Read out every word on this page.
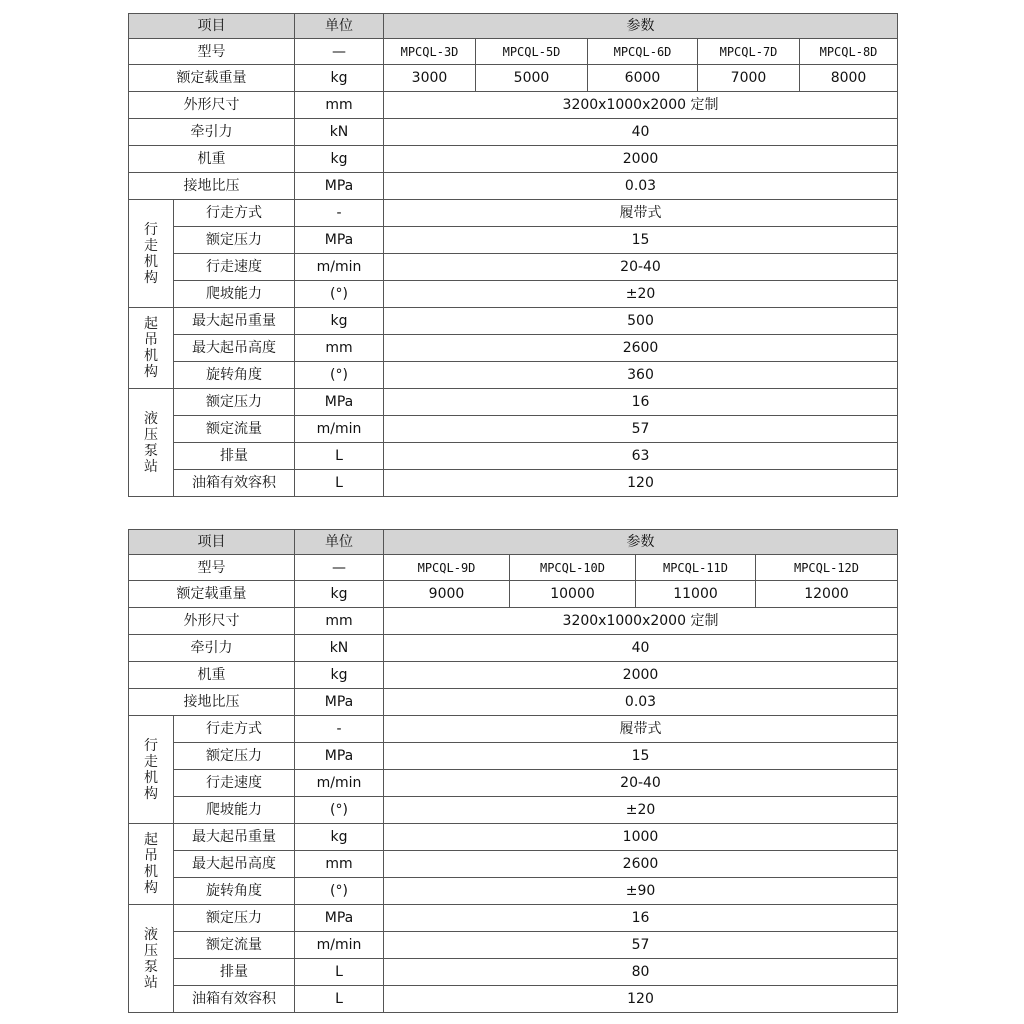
项目		单位	参数				
型号		—	MPCQL-3D	MPCQL-5D	MPCQL-6D	MPCQL-7D	MPCQL-8D
额定载重量		kg	3000	5000	6000	7000	8000
外形尺寸		mm	3200x1000x2000 定制				
牵引力		kN	40				
机重		kg	2000				
接地比压		MPa	0.03				
行走机构	行走方式	-	履带式				
	额定压力	MPa	15				
	行走速度	m/min	20-40				
	爬坡能力	(°)	±20				
起吊机构	最大起吊重量	kg	500				
	最大起吊高度	mm	2600				
	旋转角度	(°)	360				
液压泵站	额定压力	MPa	16				
	额定流量	m/min	57				
	排量	L	63				
	油箱有效容积	L	120				
项目		单位	参数			
型号		—	MPCQL-9D	MPCQL-10D	MPCQL-11D	MPCQL-12D
额定载重量		kg	9000	10000	11000	12000
外形尺寸		mm	3200x1000x2000 定制			
牵引力		kN	40			
机重		kg	2000			
接地比压		MPa	0.03			
行走机构	行走方式	-	履带式			
	额定压力	MPa	15			
	行走速度	m/min	20-40			
	爬坡能力	(°)	±20			
起吊机构	最大起吊重量	kg	1000			
	最大起吊高度	mm	2600			
	旋转角度	(°)	±90			
液压泵站	额定压力	MPa	16			
	额定流量	m/min	57			
	排量	L	80			
	油箱有效容积	L	120			
